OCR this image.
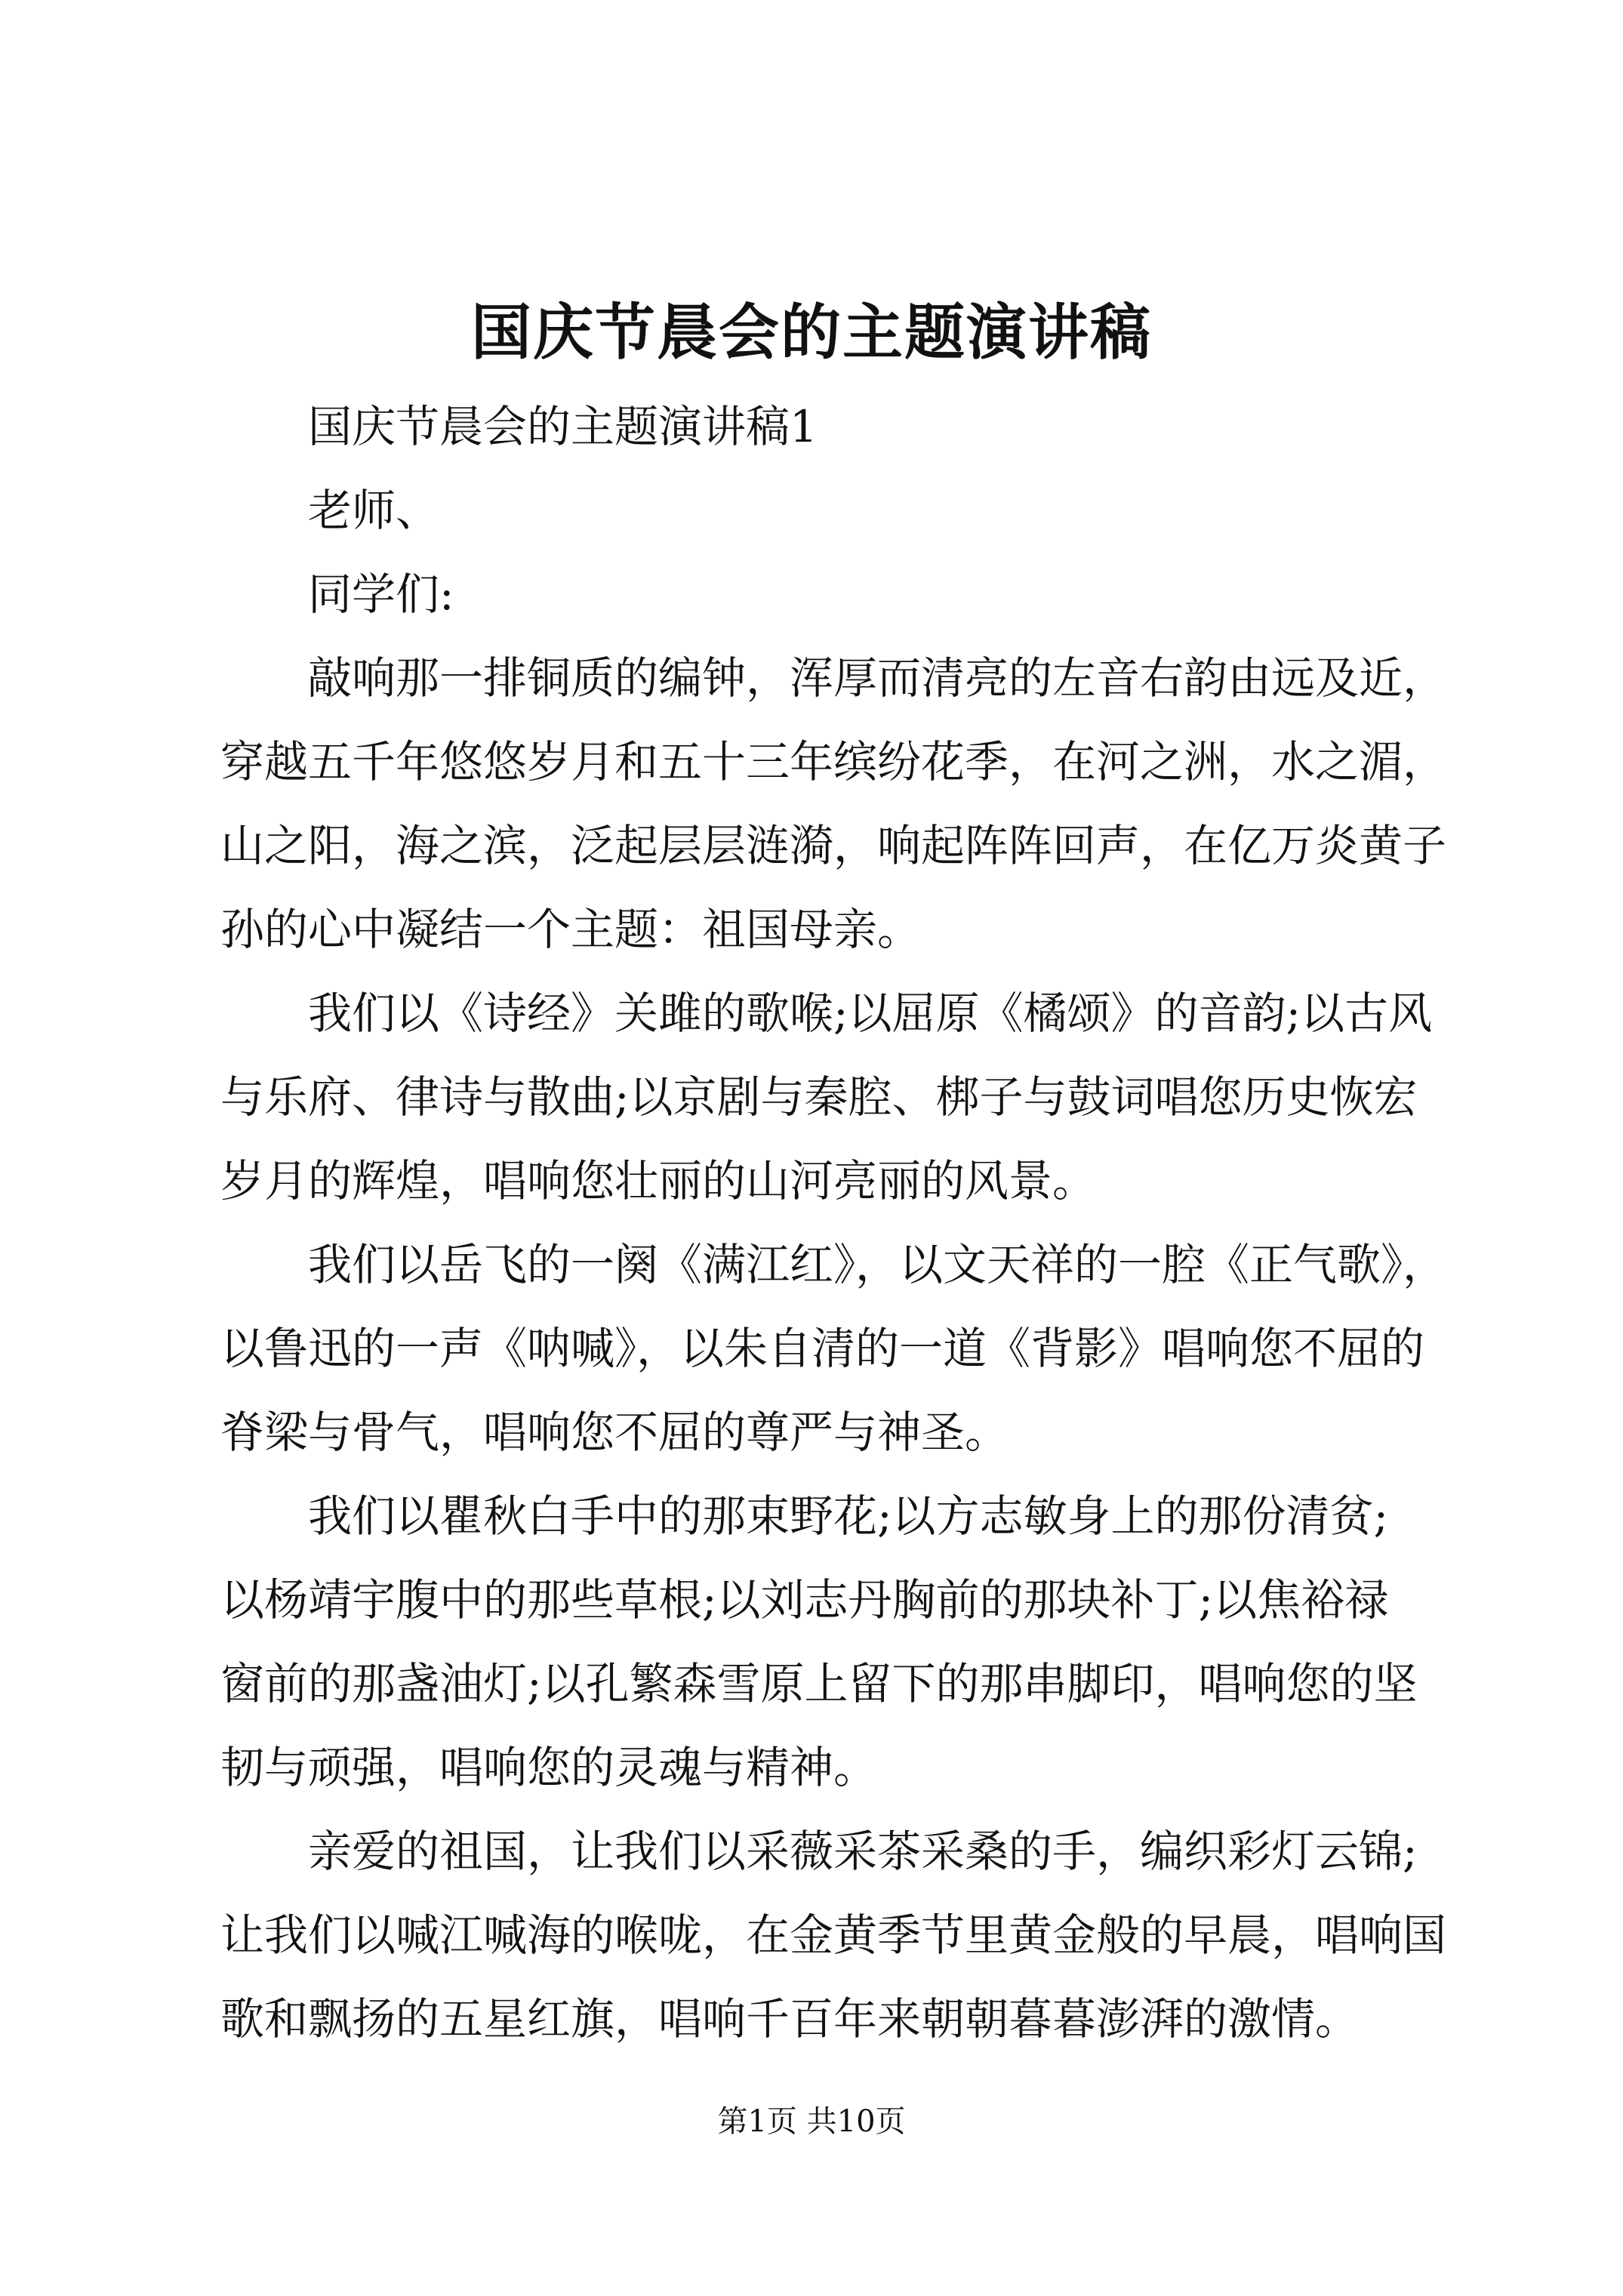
国庆节晨会的主题演讲稿
国庆节晨会的主题演讲稿1
老师、
同学们:
敲响那一排铜质的编钟，浑厚而清亮的左音右韵由远及近，
穿越五千年悠悠岁月和五十三年缤纷花季，在河之洲，水之湄，
山之阳，海之滨，泛起层层涟漪，响起阵阵回声，在亿万炎黄子
孙的心中凝结一个主题：祖国母亲。
我们以《诗经》关雎的歌喉;以屈原《橘颂》的音韵;以古风
与乐府、律诗与散曲;以京剧与秦腔、梆子与鼓词唱您历史恢宏
岁月的辉煌，唱响您壮丽的山河亮丽的风景。
我们以岳飞的一阕《满江红》，以文天祥的一腔《正气歌》，
以鲁迅的一声《呐喊》，以朱自清的一道《背影》唱响您不屈的
脊梁与骨气，唱响您不屈的尊严与神圣。
我们以瞿秋白手中的那束野花;以方志敏身上的那份清贫;
以杨靖宇腹中的那些草根;以刘志丹胸前的那块补丁;以焦裕禄
窗前的那盏油灯;以孔繁森雪原上留下的那串脚印，唱响您的坚
韧与顽强，唱响您的灵魂与精神。
亲爱的祖国，让我们以采薇采茶采桑的手，编织彩灯云锦;
让我们以喊江喊海的喉咙，在金黄季节里黄金般的早晨，唱响国
歌和飘扬的五星红旗，唱响千百年来朝朝暮暮澎湃的激情。
第1页 共10页
